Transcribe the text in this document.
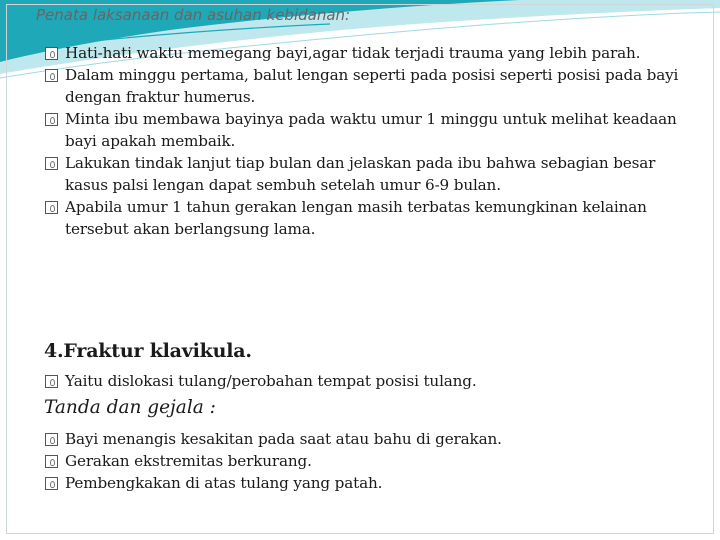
Penata laksanaan dan asuhan kebidanan:
Hati-hati waktu memegang bayi,agar tidak terjadi trauma yang lebih parah.
Dalam minggu pertama, balut lengan seperti pada posisi seperti posisi pada bayi dengan fraktur humerus.
Minta ibu membawa bayinya pada waktu umur 1 minggu untuk melihat keadaan bayi apakah membaik.
Lakukan tindak lanjut tiap bulan dan jelaskan pada ibu bahwa sebagian besar kasus palsi lengan dapat sembuh setelah umur 6-9 bulan.
Apabila umur 1 tahun gerakan lengan masih terbatas kemungkinan kelainan tersebut akan berlangsung lama.
4.Fraktur klavikula.
Yaitu dislokasi tulang/perobahan tempat posisi tulang.
Tanda dan gejala :
Bayi menangis kesakitan pada saat atau bahu di gerakan.
Gerakan ekstremitas berkurang.
Pembengkakan di atas tulang yang patah.
